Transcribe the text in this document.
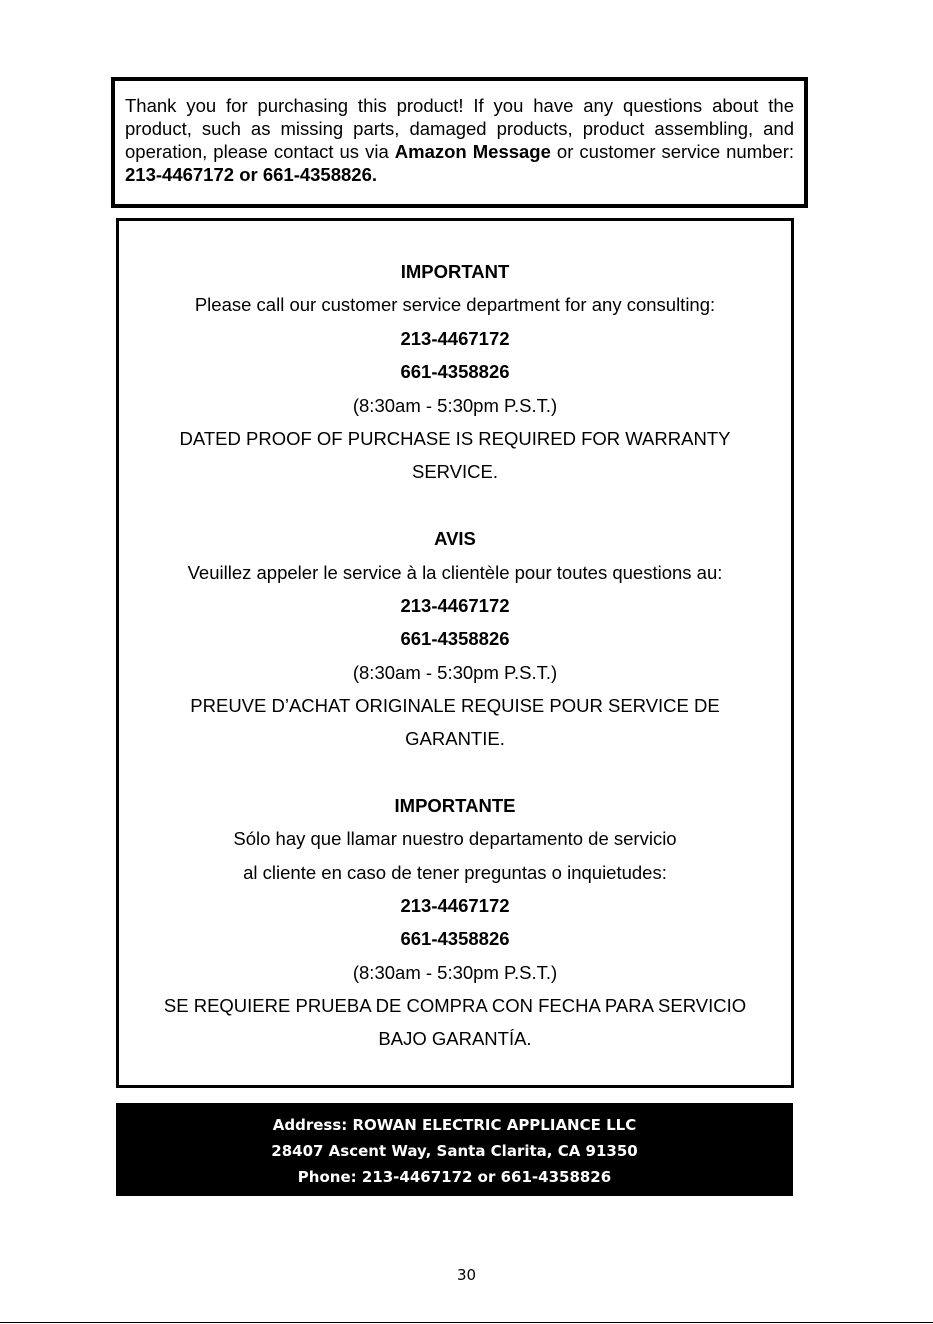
Thank you for purchasing this product! If you have any questions about the product, such as missing parts, damaged products, product assembling, and operation, please contact us via Amazon Message or customer service number: 213-4467172 or 661-4358826.
IMPORTANT
Please call our customer service department for any consulting:
213-4467172
661-4358826
(8:30am - 5:30pm P.S.T.)
DATED PROOF OF PURCHASE IS REQUIRED FOR WARRANTY
SERVICE.
AVIS
Veuillez appeler le service à la clientèle pour toutes questions au:
213-4467172
661-4358826
(8:30am - 5:30pm P.S.T.)
PREUVE D’ACHAT ORIGINALE REQUISE POUR SERVICE DE
GARANTIE.
IMPORTANTE
Sólo hay que llamar nuestro departamento de servicio
al cliente en caso de tener preguntas o inquietudes:
213-4467172
661-4358826
(8:30am - 5:30pm P.S.T.)
SE REQUIERE PRUEBA DE COMPRA CON FECHA PARA SERVICIO
BAJO GARANTÍA.
Address: ROWAN ELECTRIC APPLIANCE LLC
28407 Ascent Way, Santa Clarita, CA 91350
Phone: 213-4467172 or 661-4358826
30
